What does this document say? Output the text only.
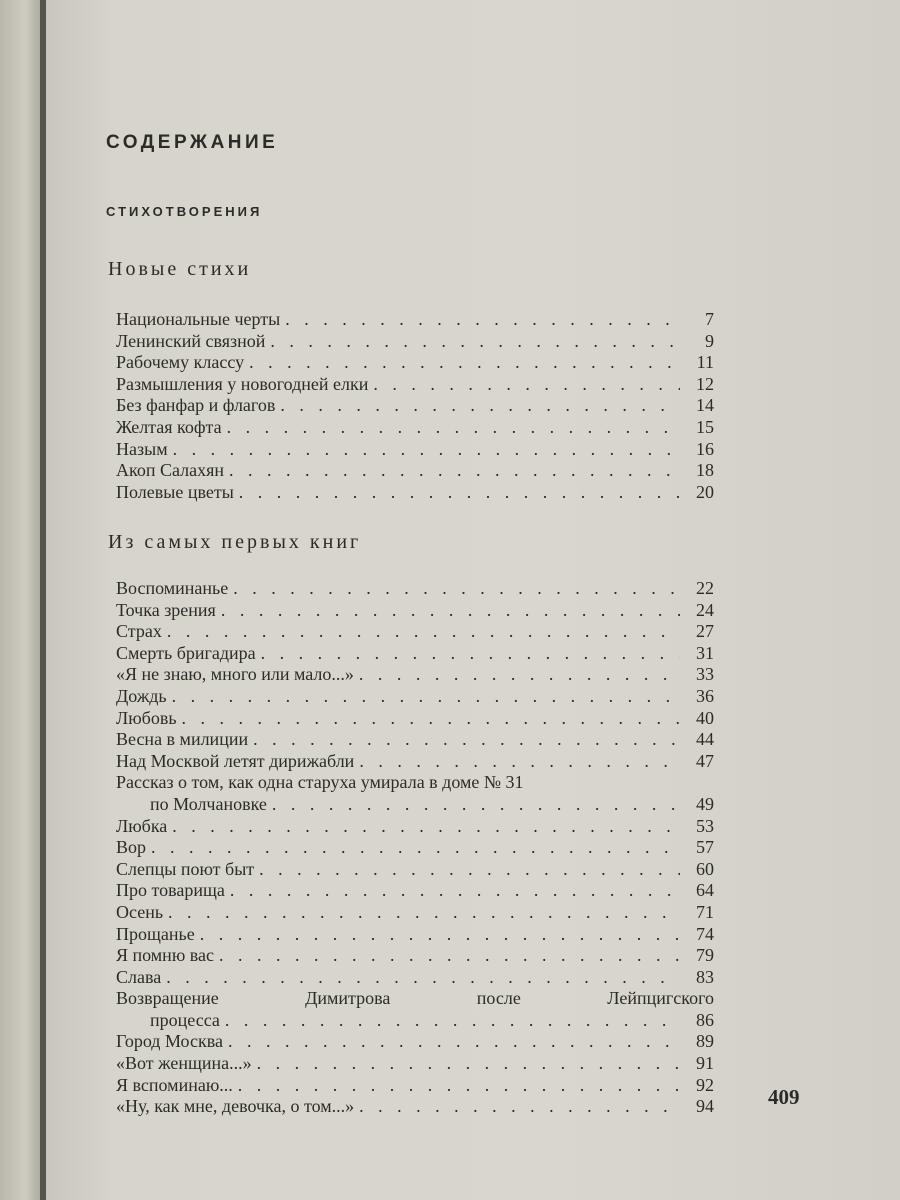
СОДЕРЖАНИЕ
СТИХОТВОРЕНИЯ
Новые стихи
Национальные черты . . .	7
Ленинский связной . . .	9
Рабочему классу . . .	11
Размышления у новогодней елки . . .	12
Без фанфар и флагов . . .	14
Желтая кофта . . .	15
Назым . . .	16
Акоп Салахян . . .	18
Полевые цветы . . .	20
Из самых первых книг
Воспоминанье . . .	22
Точка зрения . . .	24
Страх . . .	27
Смерть бригадира . . .	31
«Я не знаю, много или мало...» . . .	33
Дождь . . .	36
Любовь . . .	40
Весна в милиции . . .	44
Над Москвой летят дирижабли . . .	47
Рассказ о том, как одна старуха умирала в доме № 31
по Молчановке . . .	49
Любка . . .	53
Вор . . .	57
Слепцы поют быт . . .	60
Про товарища . . .	64
Осень . . .	71
Прощанье . . .	74
Я помню вас . . .	79
Слава . . .	83
Возвращение Димитрова после Лейпцигского
процесса . . .	86
Город Москва . . .	89
«Вот женщина...» . . .	91
Я вспоминаю... . . .	92
«Ну, как мне, девочка, о том...» . . .	94	409
